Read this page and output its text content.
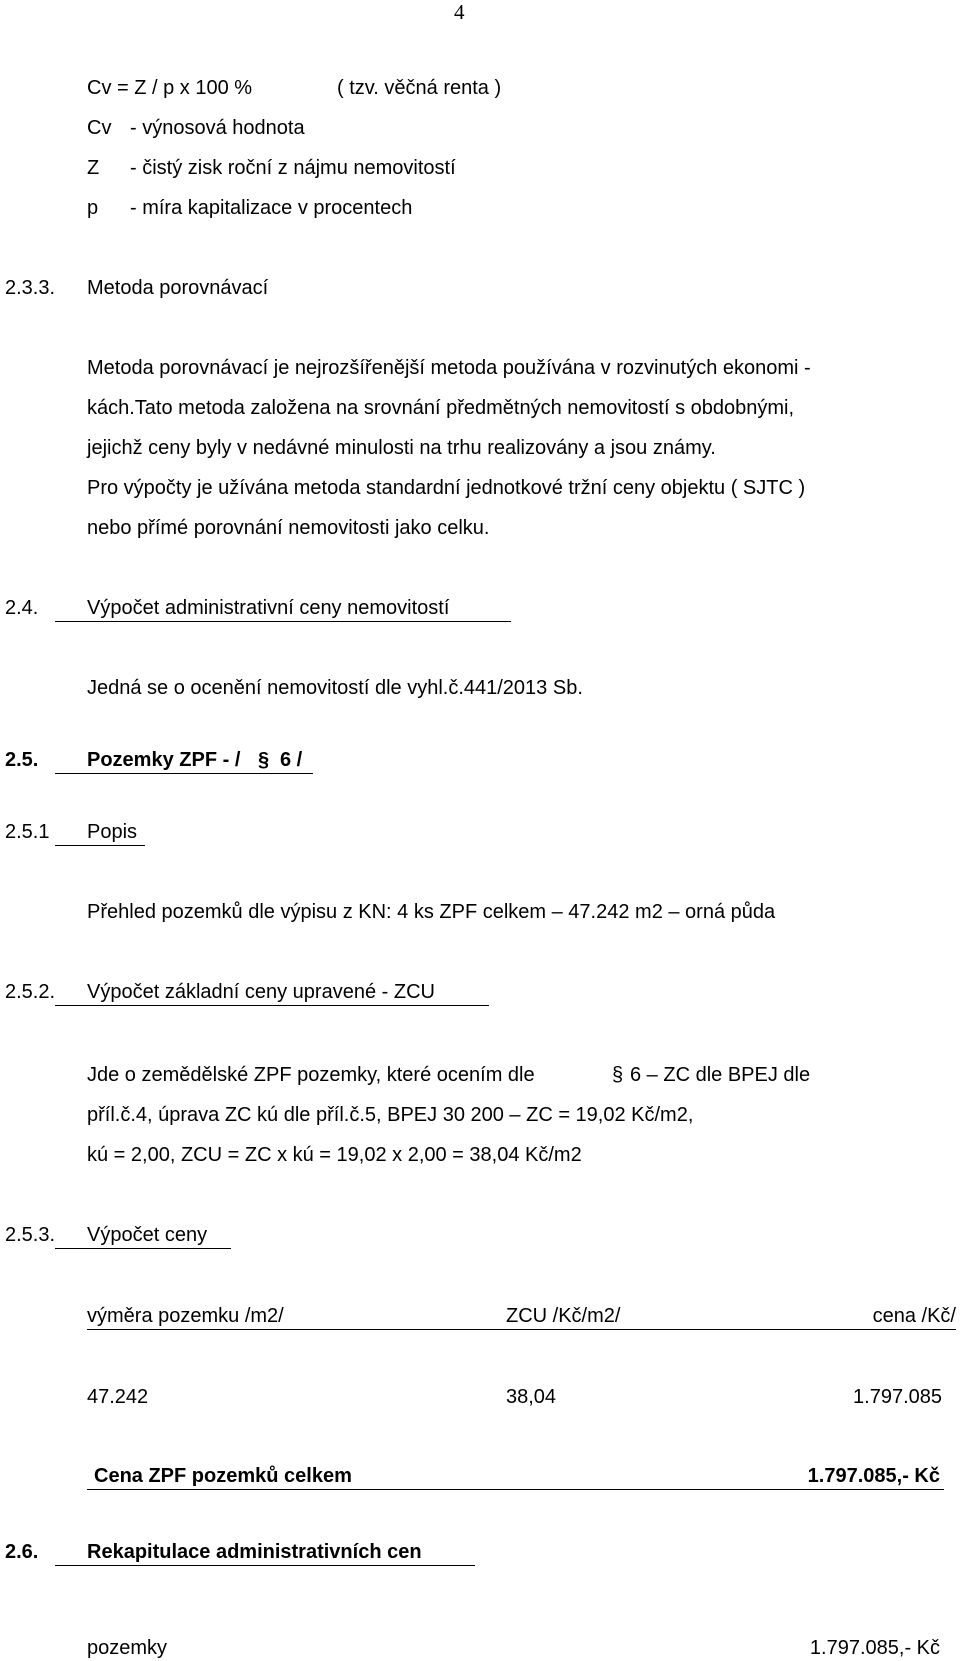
4
Cv = Z / p x 100 %	( tzv. věčná renta )
Cv - výnosová hodnota
Z - čistý zisk roční z nájmu nemovitostí
p - míra kapitalizace v procentech
2.3.3. Metoda porovnávací
Metoda porovnávací je nejrozšířenější metoda používána v rozvinutých ekonomi -
kách.Tato metoda založena na srovnání předmětných nemovitostí s obdobnými,
jejichž ceny byly v nedávné minulosti na trhu realizovány a jsou známy.
Pro výpočty je užívána metoda standardní jednotkové tržní ceny objektu ( SJTC )
nebo přímé porovnání nemovitosti jako celku.
2.4. Výpočet administrativní ceny nemovitostí
Jedná se o ocenění nemovitostí dle vyhl.č.441/2013 Sb.
2.5. Pozemky ZPF - / § 6 /
2.5.1 Popis
Přehled pozemků dle výpisu z KN: 4 ks ZPF celkem – 47.242 m2 – orná půda
2.5.2. Výpočet základní ceny upravené - ZCU
Jde o zemědělské ZPF pozemky, které ocením dle	§ 6 – ZC dle BPEJ dle
příl.č.4, úprava ZC kú dle příl.č.5, BPEJ 30 200 – ZC = 19,02 Kč/m2,
kú = 2,00, ZCU = ZC x kú = 19,02 x 2,00 = 38,04 Kč/m2
2.5.3. Výpočet ceny
výměra pozemku /m2/	ZCU /Kč/m2/	cena /Kč/
47.242	38,04	1.797.085
Cena ZPF pozemků celkem	1.797.085,- Kč
2.6. Rekapitulace administrativních cen
pozemky	1.797.085,- Kč
